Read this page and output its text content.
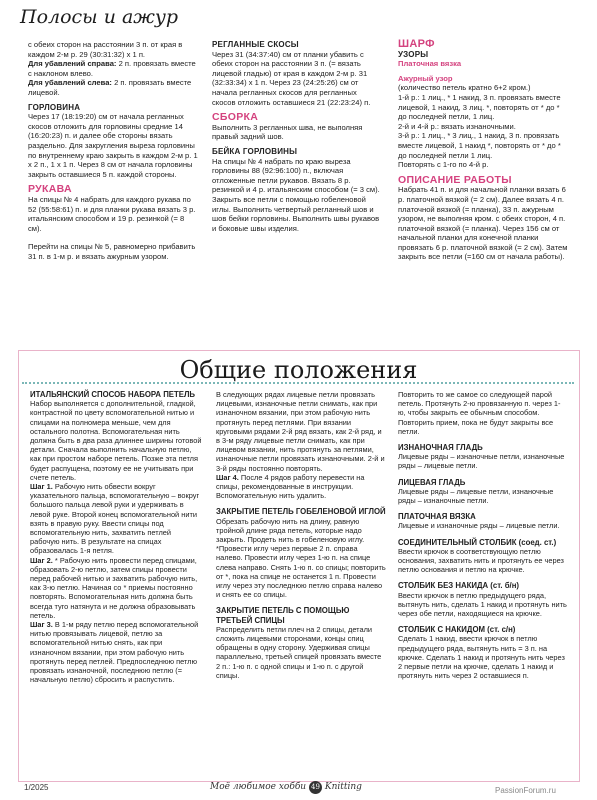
Полосы и ажур

с обеих сторон на расстоянии 3 п. от края в каждом 2-м р. 29 (30:31:32) х 1 п.

Для убавлений справа: 2 п. провязать вместе с наклоном влево.

Для убавлений слева: 2 п. провязать вместе лицевой.

ГОРЛОВИНА

Через 17 (18:19:20) см от начала регланных скосов отложить для горловины средние 14 (16:20:23) п. и далее обе стороны вязать раздельно. Для закругления выреза горловины по внутреннему краю закрыть в каждом 2-м р. 1 х 2 п., 1 х 1 п. Через 8 см от начала горловины закрыть оставшиеся 5 п. каждой стороны.

РУКАВА

На спицы № 4 набрать для каждого рукава по 52 (55:58:61) п. и для планки рукава вязать 3 р. итальянским способом и 19 р. резинкой (= 8 см).

Перейти на спицы № 5, равномерно прибавить 31 п. в 1-м р. и вязать ажурным узором.

РЕГЛАННЫЕ СКОСЫ

Через 31 (34:37:40) см от планки убавить с обеих сторон на расстоянии 3 п. (= вязать лицевой гладью) от края в каждом 2-м р. 31 (32:33:34) х 1 п. Через 23 (24:25:26) см от начала регланных скосов для регланных скосов отложить оставшиеся 21 (22:23:24) п.

СБОРКА

Выполнить 3 регланных шва, не выполняя правый задний шов.

БЕЙКА ГОРЛОВИНЫ

На спицы № 4 набрать по краю выреза горловины 88 (92:96:100) п., включая отложенные петли рукавов. Вязать 8 р. резинкой и 4 р. итальянским способом (= 3 см). Закрыть все петли с помощью гобеленовой иглы. Выполнить четвертый регланный шов и шов бейки горловины. Выполнить швы рукавов и боковые швы изделия.

ШАРФ
УЗОРЫ
Платочная вязка
Ажурный узор

(количество петель кратно 6+2 кром.)

1-й р.: 1 лиц., * 1 накид, 3 п. провязать вместе лицевой, 1 накид, 3 лиц. *, повторять от * до * до последней петли, 1 лиц.

2-й и 4-й р.: вязать изнаночными.

3-й р.: 1 лиц., * 3 лиц., 1 накид, 3 п. провязать вместе лицевой, 1 накид *, повторять от * до * до последней петли 1 лиц.

Повторять с 1-го по 4-й р.

ОПИСАНИЕ РАБОТЫ

Набрать 41 п. и для начальной планки вязать 6 р. платочной вязкой (= 2 см). Далее вязать 4 п. платочной вязкой (= планка), 33 п. ажурным узором, не выполняя кром. с обеих сторон, 4 п. платочной вязкой (= планка). Через 156 см от начальной планки для конечной планки провязать 6 р. платочной вязкой (= 2 см). Затем закрыть все петли (=160 см от начала работы).

Общие положения
ИТАЛЬЯНСКИЙ СПОСОБ НАБОРА ПЕТЕЛЬ

Набор выполняется с дополнительной, гладкой, контрастной по цвету вспомогательной нитью и спицами на полномера меньше, чем для остального полотна. Вспомогательная нить должна быть в два раза длиннее ширины готовой детали. Сначала выполнить начальную петлю, как при простом наборе петель. Позже эта петля будет распущена, поэтому ее не учитывать при счете петель.

Шаг 1. Рабочую нить обвести вокруг указательного пальца, вспомогательную – вокруг большого пальца левой руки и удерживать в левой руке. Второй конец вспомогательной нити взять в правую руку. Ввести спицы под вспомогательную нить, захватить петлей рабочую нить. В результате на спицах образовалась 1-я петля.

Шаг 2. * Рабочую нить провести перед спицами, образовать 2-ю петлю, затем спицы провести перед рабочей нитью и захватить рабочую нить, как 3-ю петлю. Начиная со * приемы постоянно повторять. Вспомогательная нить должна быть всегда туго натянута и не должна образовывать петель.

Шаг 3. В 1-м ряду петлю перед вспомогательной нитью провязывать лицевой, петлю за вспомогательной нитью снять, как при изнаночном вязании, при этом рабочую нить протянуть перед петлей. Предпоследнюю петлю провязать изнаночной, последнюю петлю (= начальную петлю) сбросить и распустить.

В следующих рядах лицевые петли провязать лицевыми, изнаночные петли снимать, как при изнаночном вязании, при этом рабочую нить протянуть перед петлями. При вязании круговыми рядами 2-й ряд вязать, как 2-й ряд, и в 3-м ряду лицевые петли снимать, как при лицевом вязании, нить протянуть за петлями, изнаночные петли провязать изнаночными. 2-й и 3-й ряды постоянно повторять.

Шаг 4. После 4 рядов работу перевести на спицы, рекомендованные в инструкции. Вспомогательную нить удалить.

ЗАКРЫТИЕ ПЕТЕЛЬ ГОБЕЛЕНОВОЙ ИГЛОЙ

Обрезать рабочую нить на длину, равную тройной длине ряда петель, которые надо закрыть. Продеть нить в гобеленовую иглу. *Провести иглу через первые 2 п. справа налево. Провести иглу через 1-ю п. на спице слева направо. Снять 1-ю п. со спицы; повторить от *, пока на спице не останется 1 п. Провести иглу через эту последнюю петлю справа налево и снять ее со спицы.

ЗАКРЫТИЕ ПЕТЕЛЬ С ПОМОЩЬЮ ТРЕТЬЕЙ СПИЦЫ

Распределить петли плеч на 2 спицы, детали сложить лицевыми сторонами, концы спиц обращены в одну сторону. Удерживая спицы параллельно, третьей спицей провязать вместе 2 п.: 1-ю п. с одной спицы и 1-ю п. с другой спицы.

Повторить то же самое со следующей парой петель. Протянуть 2-ю провязанную п. через 1-ю, чтобы закрыть ее обычным способом. Повторить прием, пока не будут закрыты все петли.

ИЗНАНОЧНАЯ ГЛАДЬ

Лицевые ряды – изнаночные петли, изнаночные ряды – лицевые петли.

ЛИЦЕВАЯ ГЛАДЬ

Лицевые ряды – лицевые петли, изнаночные ряды – изнаночные петли.

ПЛАТОЧНАЯ ВЯЗКА

Лицевые и изнаночные ряды – лицевые петли.

СОЕДИНИТЕЛЬНЫЙ СТОЛБИК (соед. ст.)

Ввести крючок в соответствующую петлю основания, захватить нить и протянуть ее через петлю основания и петлю на крючке.

СТОЛБИК БЕЗ НАКИДА (ст. б/н)

Ввести крючок в петлю предыдущего ряда, вытянуть нить, сделать 1 накид и протянуть нить через обе петли, находящиеся на крючке.

СТОЛБИК С НАКИДОМ (ст. с/н)

Сделать 1 накид, ввести крючок в петлю предыдущего ряда, вытянуть нить = 3 п. на крючке. Сделать 1 накид и протянуть нить через 2 первые петли на крючке, сделать 1 накид и протянуть нить через 2 оставшиеся п.

1/2025	Моё любимое хобби 49 Knitting	PassionForum.ru
